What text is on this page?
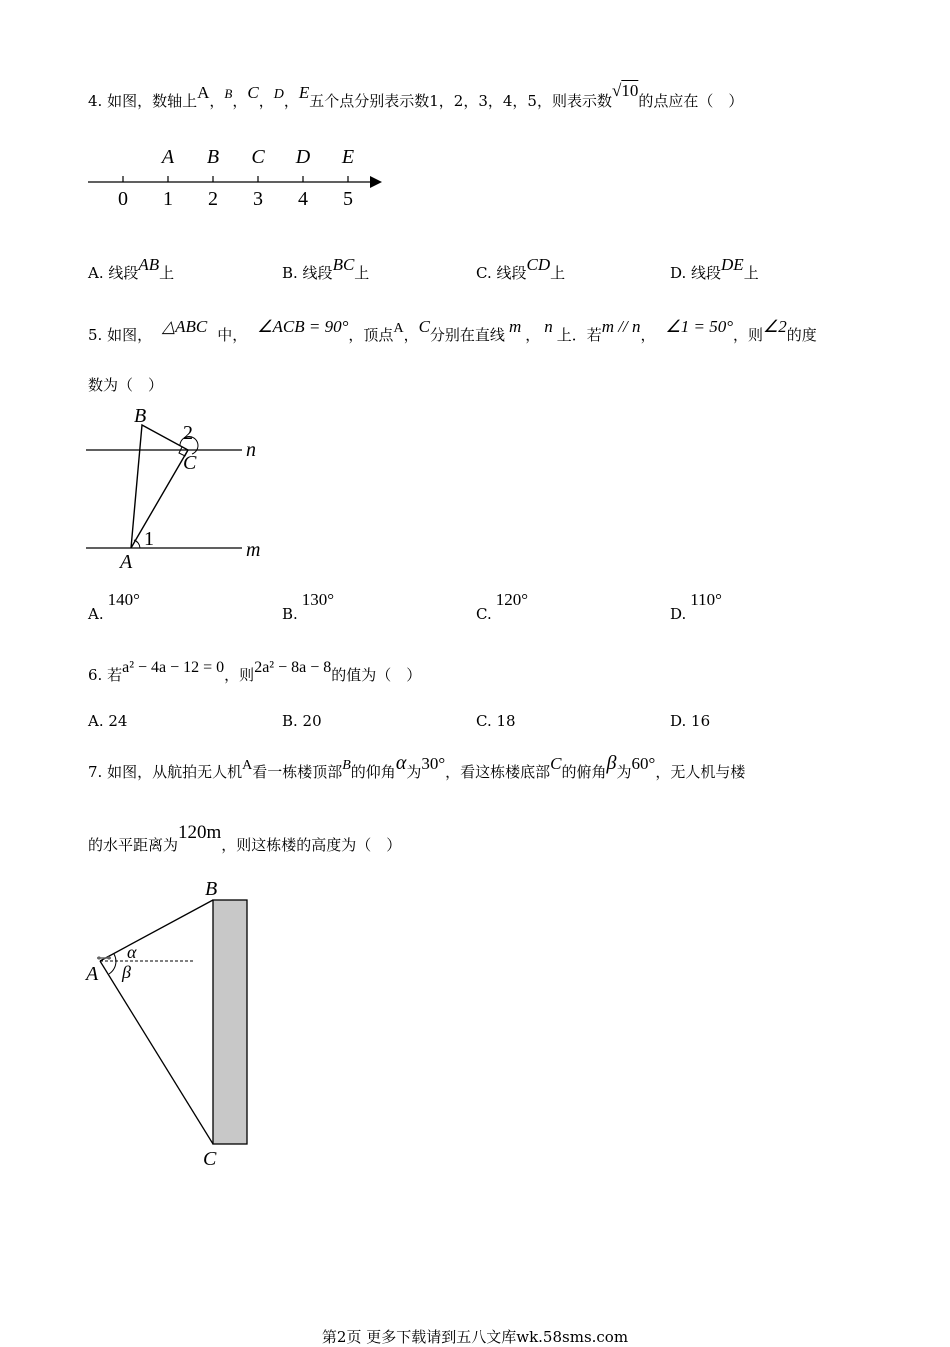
4. 如图，数轴上A，B，C，D，E五个点分别表示数1，2，3，4，5，则表示数√10的点应在（　）
A B C D E
0 1 2 3 4 5
A. 线段AB上	B. 线段BC上	C. 线段CD上	D. 线段DE上
5. 如图， △ABC 中， ∠ACB = 90°，顶点A，C分别在直线 m ， n 上．若m // n， ∠1 = 50°，则∠2的度
数为（　）
B
C
A
n
m
2
1
A.140°
B.130°
C.120°
D.110°
6. 若a² − 4a − 12 = 0，则2a² − 8a − 8的值为（　）
A. 24	B. 20	C. 18	D. 16
7. 如图，从航拍无人机A看一栋楼顶部B的仰角α为30°，看这栋楼底部C的俯角β为60°，无人机与楼
的水平距离为120m，则这栋楼的高度为（　）
B
A
C
α
β
第2页 更多下载请到五八文库wk.58sms.com
